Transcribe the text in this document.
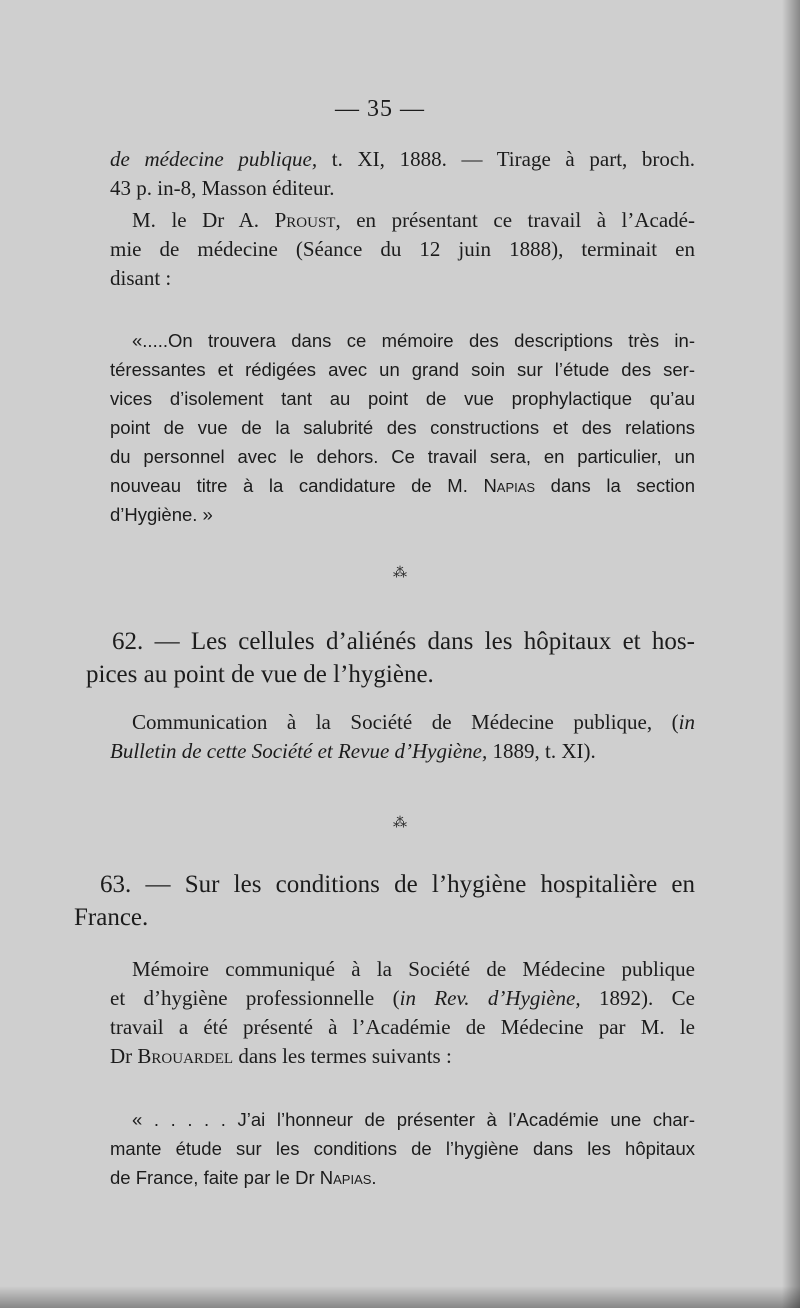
— 35 —
de médecine publique, t. XI, 1888. — Tirage à part, broch.
43 p. in-8, Masson éditeur.
M. le Dr A. Proust, en présentant ce travail à l’Acadé-
mie de médecine (Séance du 12 juin 1888), terminait en
disant :
«.....On trouvera dans ce mémoire des descriptions très in-
téressantes et rédigées avec un grand soin sur l’étude des ser-
vices d’isolement tant au point de vue prophylactique qu’au
point de vue de la salubrité des constructions et des relations
du personnel avec le dehors. Ce travail sera, en particulier, un
nouveau titre à la candidature de M. Napias dans la section
d’Hygiène. »
⁂
62. — Les cellules d’aliénés dans les hôpitaux et hos-
pices au point de vue de l’hygiène.
Communication à la Société de Médecine publique, (in
Bulletin de cette Société et Revue d’Hygiène, 1889, t. XI).
⁂
63. — Sur les conditions de l’hygiène hospitalière en
France.
Mémoire communiqué à la Société de Médecine publique
et d’hygiène professionnelle (in Rev. d’Hygiène, 1892). Ce
travail a été présenté à l’Académie de Médecine par M. le
Dr Brouardel dans les termes suivants :
« . . . . . J’ai l’honneur de présenter à l’Académie une char-
mante étude sur les conditions de l’hygiène dans les hôpitaux
de France, faite par le Dr Napias.
